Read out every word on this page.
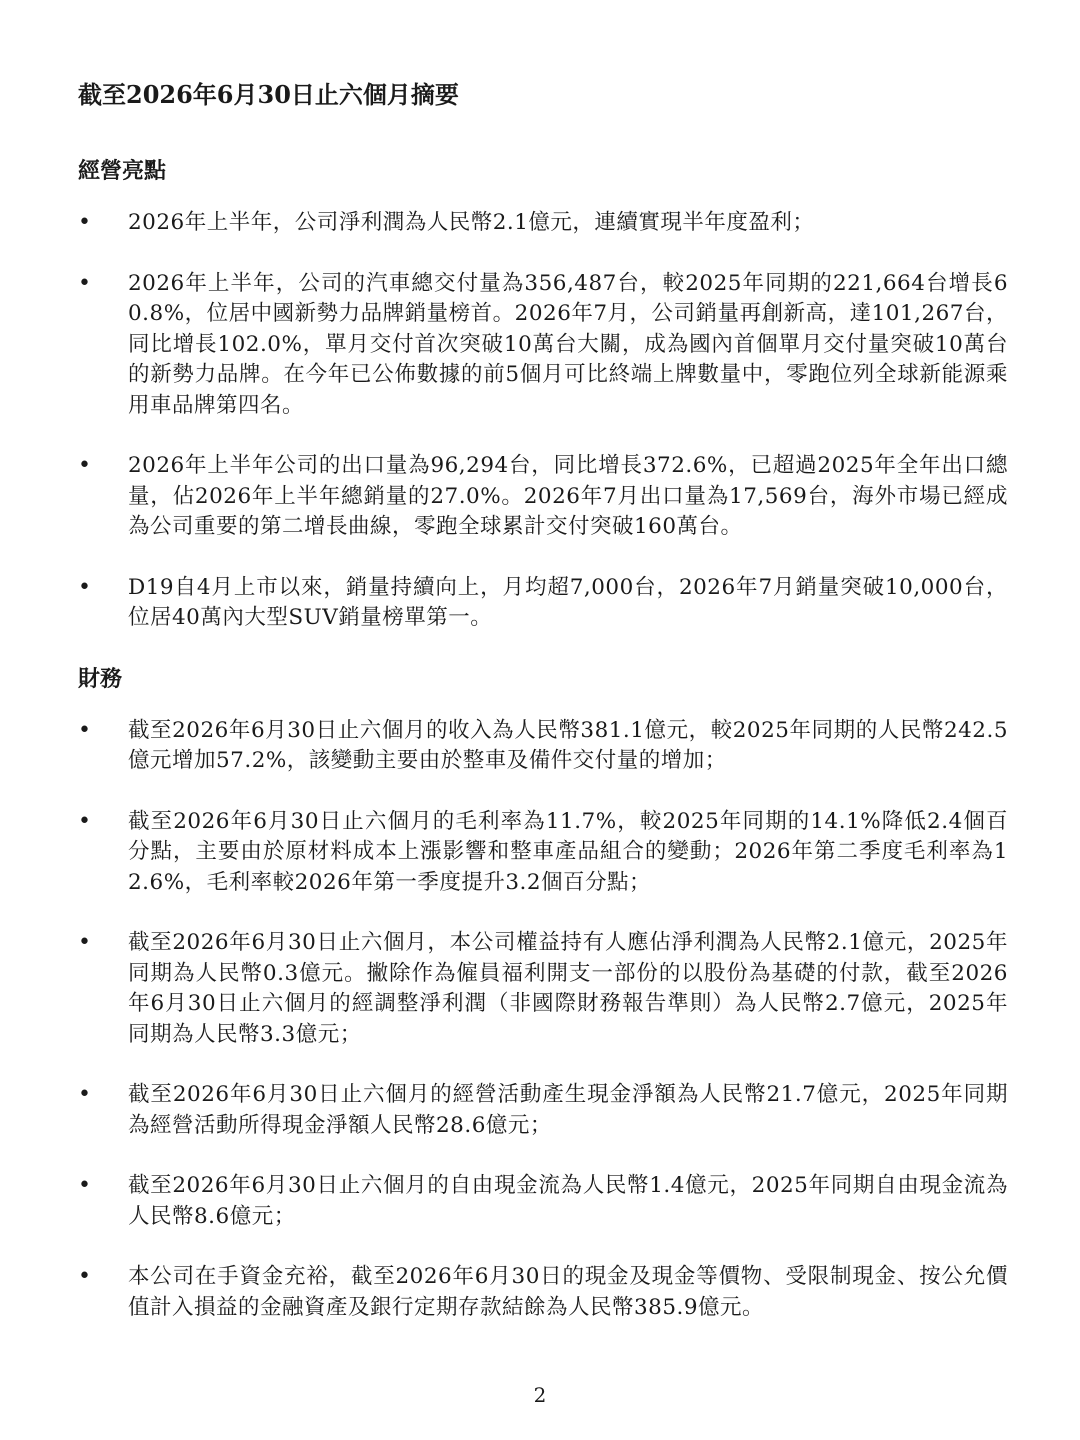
截至2026年6月30日止六個月摘要
經營亮點
•	2026年上半年，公司淨利潤為人民幣2.1億元，連續實現半年度盈利；
•	2026年上半年，公司的汽車總交付量為356,487台，較2025年同期的221,664台增長60.8%，位居中國新勢力品牌銷量榜首。2026年7月，公司銷量再創新高，達101,267台，同比增長102.0%，單月交付首次突破10萬台大關，成為國內首個單月交付量突破10萬台的新勢力品牌。在今年已公佈數據的前5個月可比終端上牌數量中，零跑位列全球新能源乘用車品牌第四名。
•	2026年上半年公司的出口量為96,294台，同比增長372.6%，已超過2025年全年出口總量，佔2026年上半年總銷量的27.0%。2026年7月出口量為17,569台，海外市場已經成為公司重要的第二增長曲線，零跑全球累計交付突破160萬台。
•	D19自4月上市以來，銷量持續向上，月均超7,000台，2026年7月銷量突破10,000台，位居40萬內大型SUV銷量榜單第一。
財務
•	截至2026年6月30日止六個月的收入為人民幣381.1億元，較2025年同期的人民幣242.5億元增加57.2%，該變動主要由於整車及備件交付量的增加；
•	截至2026年6月30日止六個月的毛利率為11.7%，較2025年同期的14.1%降低2.4個百分點，主要由於原材料成本上漲影響和整車產品組合的變動；2026年第二季度毛利率為12.6%，毛利率較2026年第一季度提升3.2個百分點；
•	截至2026年6月30日止六個月，本公司權益持有人應佔淨利潤為人民幣2.1億元，2025年同期為人民幣0.3億元。撇除作為僱員福利開支一部份的以股份為基礎的付款，截至2026年6月30日止六個月的經調整淨利潤（非國際財務報告準則）為人民幣2.7億元，2025年同期為人民幣3.3億元；
•	截至2026年6月30日止六個月的經營活動產生現金淨額為人民幣21.7億元，2025年同期為經營活動所得現金淨額人民幣28.6億元；
•	截至2026年6月30日止六個月的自由現金流為人民幣1.4億元，2025年同期自由現金流為人民幣8.6億元；
•	本公司在手資金充裕，截至2026年6月30日的現金及現金等價物、受限制現金、按公允價值計入損益的金融資產及銀行定期存款結餘為人民幣385.9億元。
2
